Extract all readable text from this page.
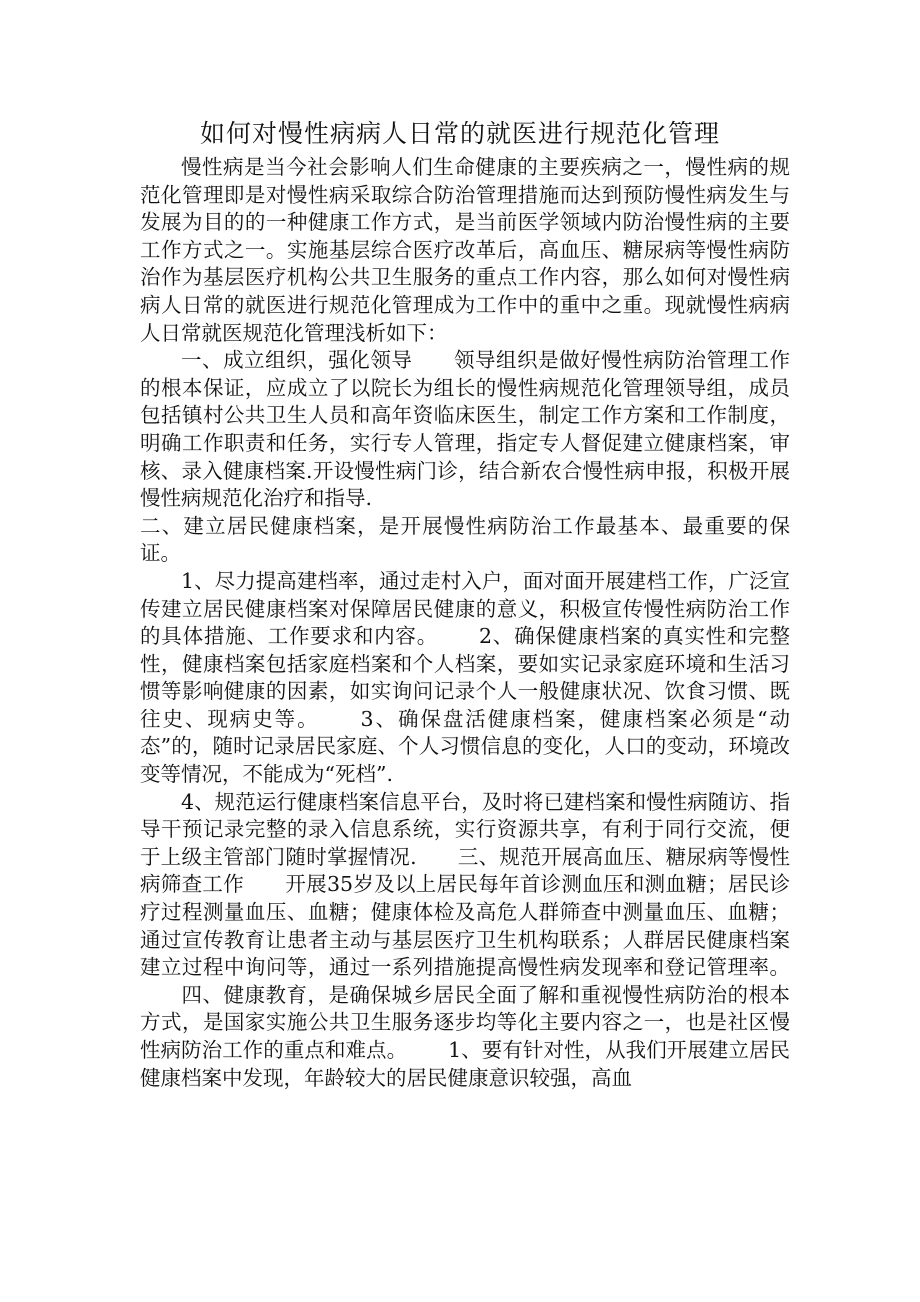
如何对慢性病病人日常的就医进行规范化管理

慢性病是当今社会影响人们生命健康的主要疾病之一，慢性病的规范化管理即是对慢性病采取综合防治管理措施而达到预防慢性病发生与发展为目的的一种健康工作方式，是当前医学领域内防治慢性病的主要工作方式之一。实施基层综合医疗改革后，高血压、糖尿病等慢性病防治作为基层医疗机构公共卫生服务的重点工作内容，那么如何对慢性病病人日常的就医进行规范化管理成为工作中的重中之重。现就慢性病病人日常就医规范化管理浅析如下：

一、成立组织，强化领导 领导组织是做好慢性病防治管理工作的根本保证，应成立了以院长为组长的慢性病规范化管理领导组，成员包括镇村公共卫生人员和高年资临床医生，制定工作方案和工作制度，明确工作职责和任务，实行专人管理，指定专人督促建立健康档案，审核、录入健康档案.开设慢性病门诊，结合新农合慢性病申报，积极开展慢性病规范化治疗和指导.

二、建立居民健康档案，是开展慢性病防治工作最基本、最重要的保证。

1、尽力提高建档率，通过走村入户，面对面开展建档工作，广泛宣传建立居民健康档案对保障居民健康的意义，积极宣传慢性病防治工作的具体措施、工作要求和内容。 2、确保健康档案的真实性和完整性，健康档案包括家庭档案和个人档案，要如实记录家庭环境和生活习惯等影响健康的因素，如实询问记录个人一般健康状况、饮食习惯、既往史、现病史等。 3、确保盘活健康档案，健康档案必须是“动态”的，随时记录居民家庭、个人习惯信息的变化，人口的变动，环境改变等情况，不能成为“死档”.

4、规范运行健康档案信息平台，及时将已建档案和慢性病随访、指导干预记录完整的录入信息系统，实行资源共享，有利于同行交流，便于上级主管部门随时掌握情况. 三、规范开展高血压、糖尿病等慢性病筛查工作 开展35岁及以上居民每年首诊测血压和测血糖；居民诊疗过程测量血压、血糖；健康体检及高危人群筛查中测量血压、血糖；通过宣传教育让患者主动与基层医疗卫生机构联系；人群居民健康档案建立过程中询问等，通过一系列措施提高慢性病发现率和登记管理率。四、健康教育，是确保城乡居民全面了解和重视慢性病防治的根本方式，是国家实施公共卫生服务逐步均等化主要内容之一，也是社区慢性病防治工作的重点和难点。 1、要有针对性，从我们开展建立居民健康档案中发现，年龄较大的居民健康意识较强，高血
